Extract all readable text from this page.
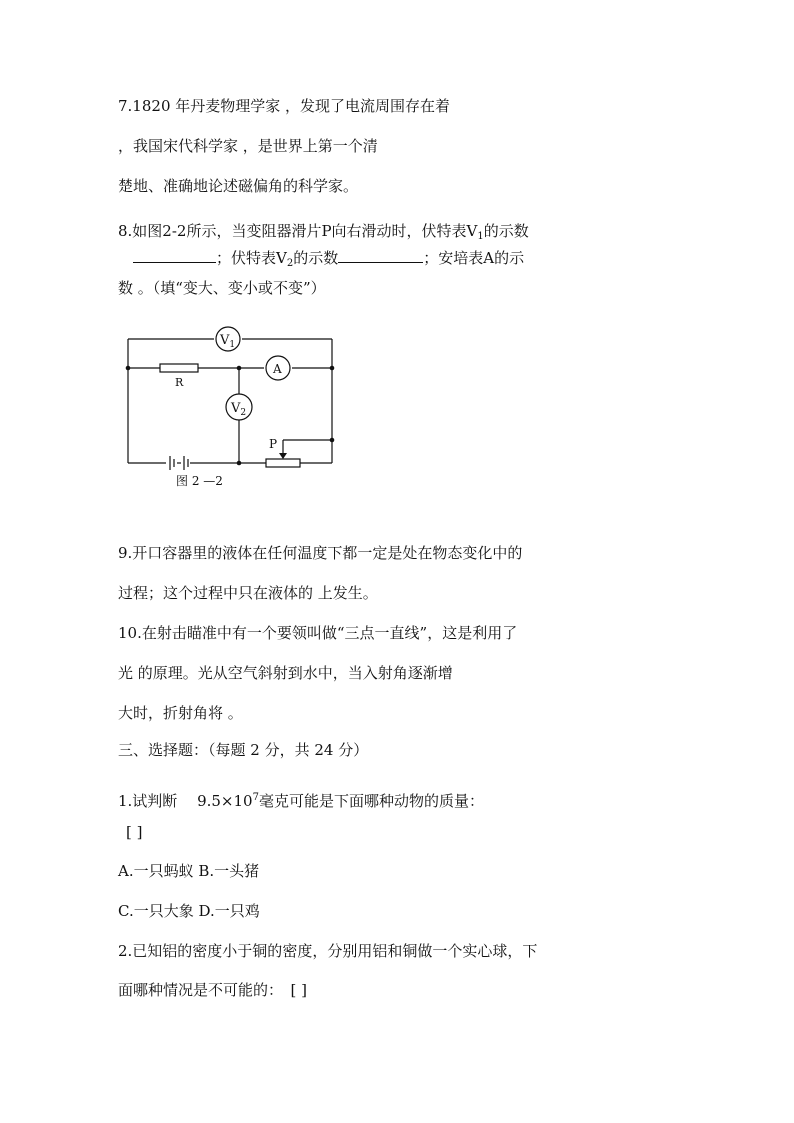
7.1820 年丹麦物理学家 ，发现了电流周围存在着
，我国宋代科学家 ，是世界上第一个清
楚地、准确地论述磁偏角的科学家。
8.如图2-2所示，当变阻器滑片P向右滑动时，伏特表$V_1$的示数
；伏特表$V_2$的示数	；安培表A的示
数 。（填“变大、变小或不变”）
$V_1$
A
$V_2$
R
P
图 2 —2
9.开口容器里的液体在任何温度下都一定是处在物态变化中的
过程；这个过程中只在液体的 上发生。
10.在射击瞄准中有一个要领叫做“三点一直线”，这是利用了
光 的原理。光从空气斜射到水中，当入射角逐渐增
大时，折射角将 。
三、选择题：（每题 2 分，共 24 分）
1.试判断　 $9.5\times 10^7$毫克可能是下面哪种动物的质量：
[ ]
A.一只蚂蚁 B.一头猪
C.一只大象 D.一只鸡
2.已知铝的密度小于铜的密度，分别用铝和铜做一个实心球，下
面哪种情况是不可能的：　[ ]
